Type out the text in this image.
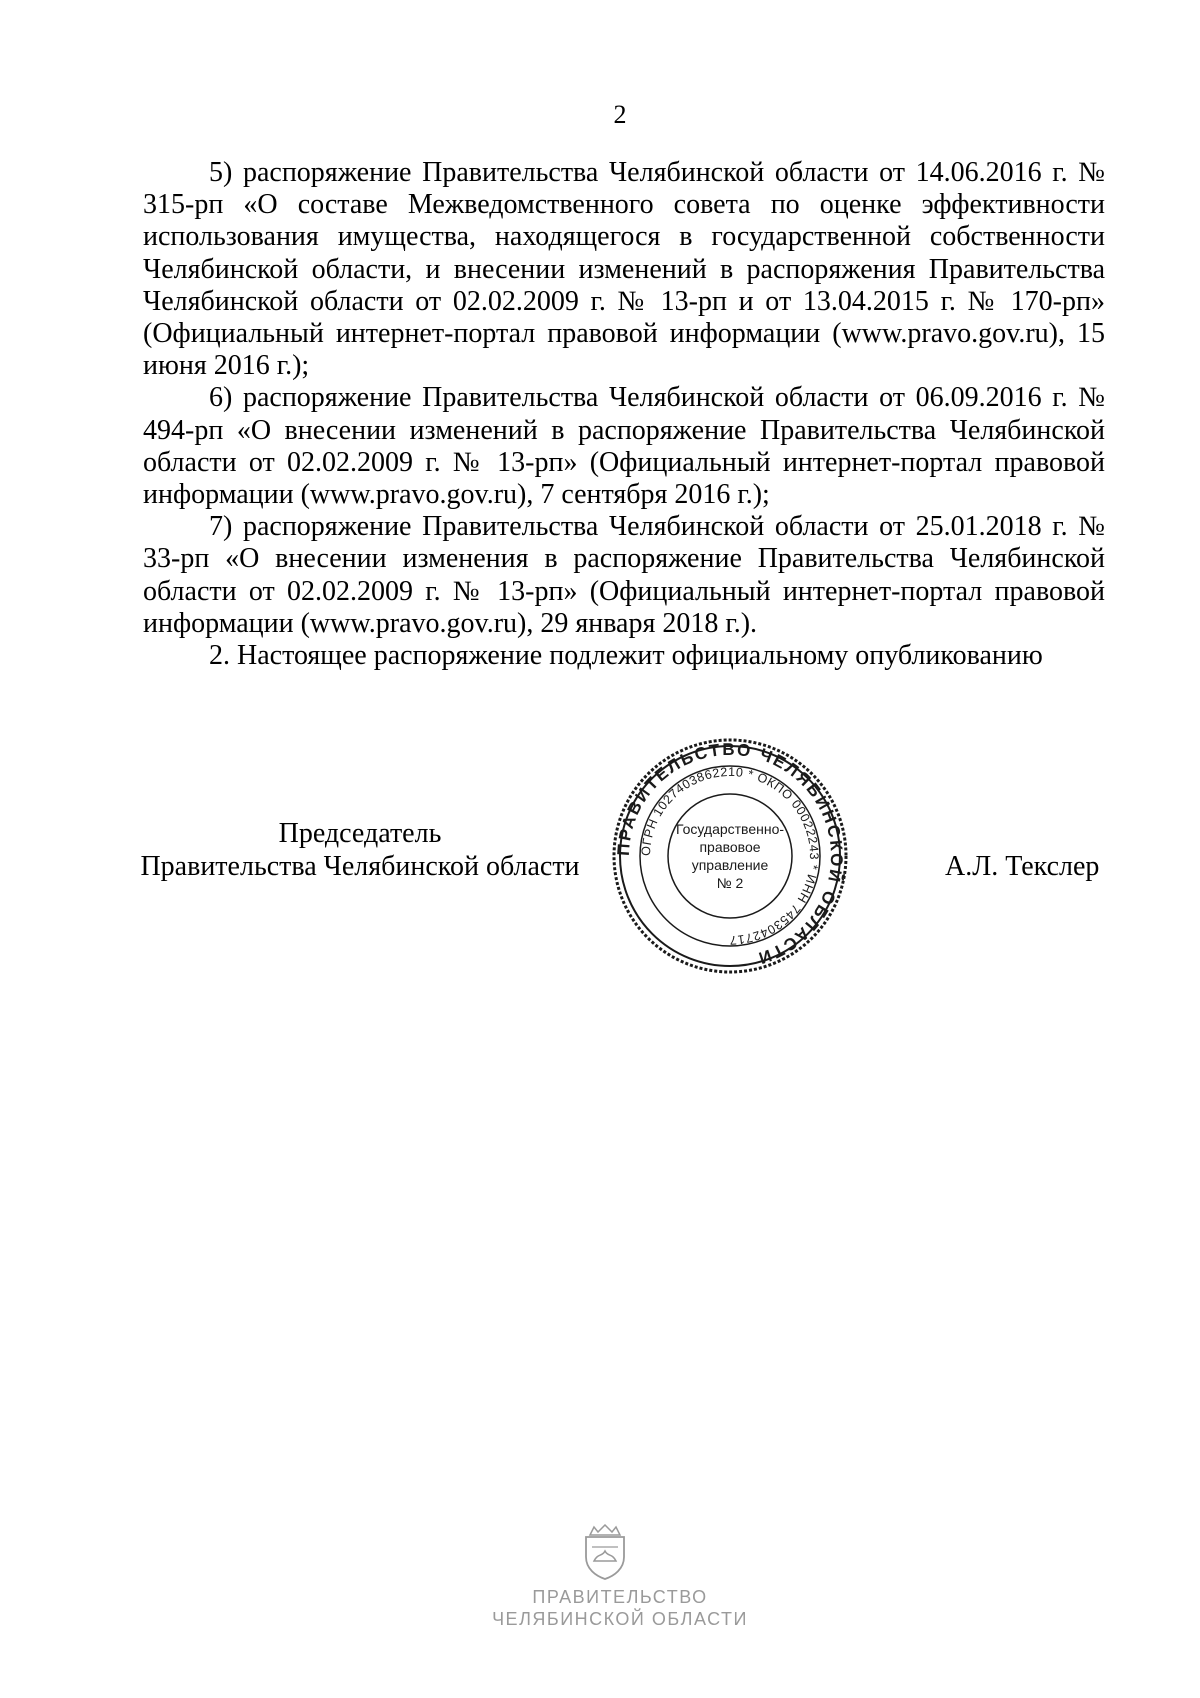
2

5) распоряжение Правительства Челябинской области от 14.06.2016 г. № 315-рп «О составе Межведомственного совета по оценке эффективности использования имущества, находящегося в государственной собственности Челябинской области, и внесении изменений в распоряжения Правительства Челябинской области от 02.02.2009 г. № 13-рп и от 13.04.2015 г. № 170-рп» (Официальный интернет-портал правовой информации (www.pravo.gov.ru), 15 июня 2016 г.);

6) распоряжение Правительства Челябинской области от 06.09.2016 г. № 494-рп «О внесении изменений в распоряжение Правительства Челябинской области от 02.02.2009 г. № 13-рп» (Официальный интернет-портал правовой информации (www.pravo.gov.ru), 7 сентября 2016 г.);

7) распоряжение Правительства Челябинской области от 25.01.2018 г. № 33-рп «О внесении изменения в распоряжение Правительства Челябинской области от 02.02.2009 г. № 13-рп» (Официальный интернет-портал правовой информации (www.pravo.gov.ru), 29 января 2018 г.).

2. Настоящее распоряжение подлежит официальному опубликованию

Председатель
Правительства Челябинской области
ПРАВИТЕЛЬСТВО ЧЕЛЯБИНСКОЙ ОБЛАСТИ
ОГРН 1027403862210 * ОКПО 00022243 * ИНН 7453042717
Государственно-
правовое
управление
№ 2
А.Л. Текслер
ПРАВИТЕЛЬСТВО
ЧЕЛЯБИНСКОЙ ОБЛАСТИ
